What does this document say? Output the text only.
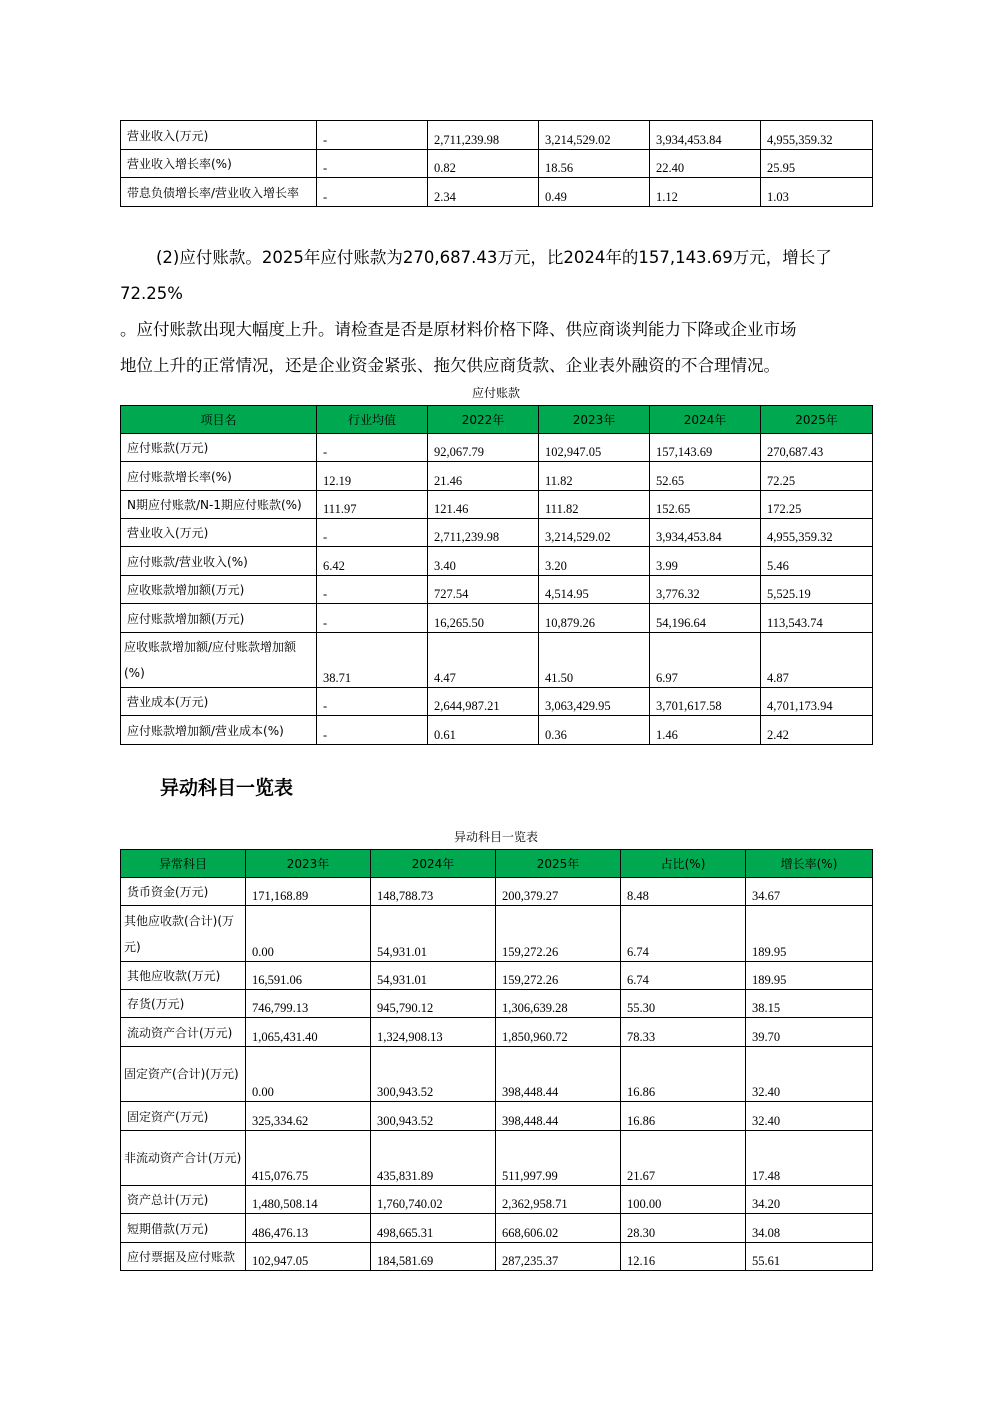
营业收入(万元)	-	2,711,239.98	3,214,529.02	3,934,453.84	4,955,359.32
营业收入增长率(%)	-	0.82	18.56	22.40	25.95
带息负债增长率/营业收入增长率	-	2.34	0.49	1.12	1.03
(2)应付账款。2025年应付账款为270,687.43万元，比2024年的157,143.69万元，增长了72.25%
。应付账款出现大幅度上升。请检查是否是原材料价格下降、供应商谈判能力下降或企业市场
地位上升的正常情况，还是企业资金紧张、拖欠供应商货款、企业表外融资的不合理情况。
应付账款
项目名	行业均值	2022年	2023年	2024年	2025年
应付账款(万元)	-	92,067.79	102,947.05	157,143.69	270,687.43
应付账款增长率(%)	12.19	21.46	11.82	52.65	72.25
N期应付账款/N-1期应付账款(%)	111.97	121.46	111.82	152.65	172.25
营业收入(万元)	-	2,711,239.98	3,214,529.02	3,934,453.84	4,955,359.32
应付账款/营业收入(%)	6.42	3.40	3.20	3.99	5.46
应收账款增加额(万元)	-	727.54	4,514.95	3,776.32	5,525.19
应付账款增加额(万元)	-	16,265.50	10,879.26	54,196.64	113,543.74
应收账款增加额/应付账款增加额(%)	38.71	4.47	41.50	6.97	4.87
营业成本(万元)	-	2,644,987.21	3,063,429.95	3,701,617.58	4,701,173.94
应付账款增加额/营业成本(%)	-	0.61	0.36	1.46	2.42
异动科目一览表
异动科目一览表
异常科目	2023年	2024年	2025年	占比(%)	增长率(%)
货币资金(万元)	171,168.89	148,788.73	200,379.27	8.48	34.67
其他应收款(合计)(万元)	0.00	54,931.01	159,272.26	6.74	189.95
其他应收款(万元)	16,591.06	54,931.01	159,272.26	6.74	189.95
存货(万元)	746,799.13	945,790.12	1,306,639.28	55.30	38.15
流动资产合计(万元)	1,065,431.40	1,324,908.13	1,850,960.72	78.33	39.70
固定资产(合计)(万元)	0.00	300,943.52	398,448.44	16.86	32.40
固定资产(万元)	325,334.62	300,943.52	398,448.44	16.86	32.40
非流动资产合计(万元)	415,076.75	435,831.89	511,997.99	21.67	17.48
资产总计(万元)	1,480,508.14	1,760,740.02	2,362,958.71	100.00	34.20
短期借款(万元)	486,476.13	498,665.31	668,606.02	28.30	34.08
应付票据及应付账款	102,947.05	184,581.69	287,235.37	12.16	55.61
